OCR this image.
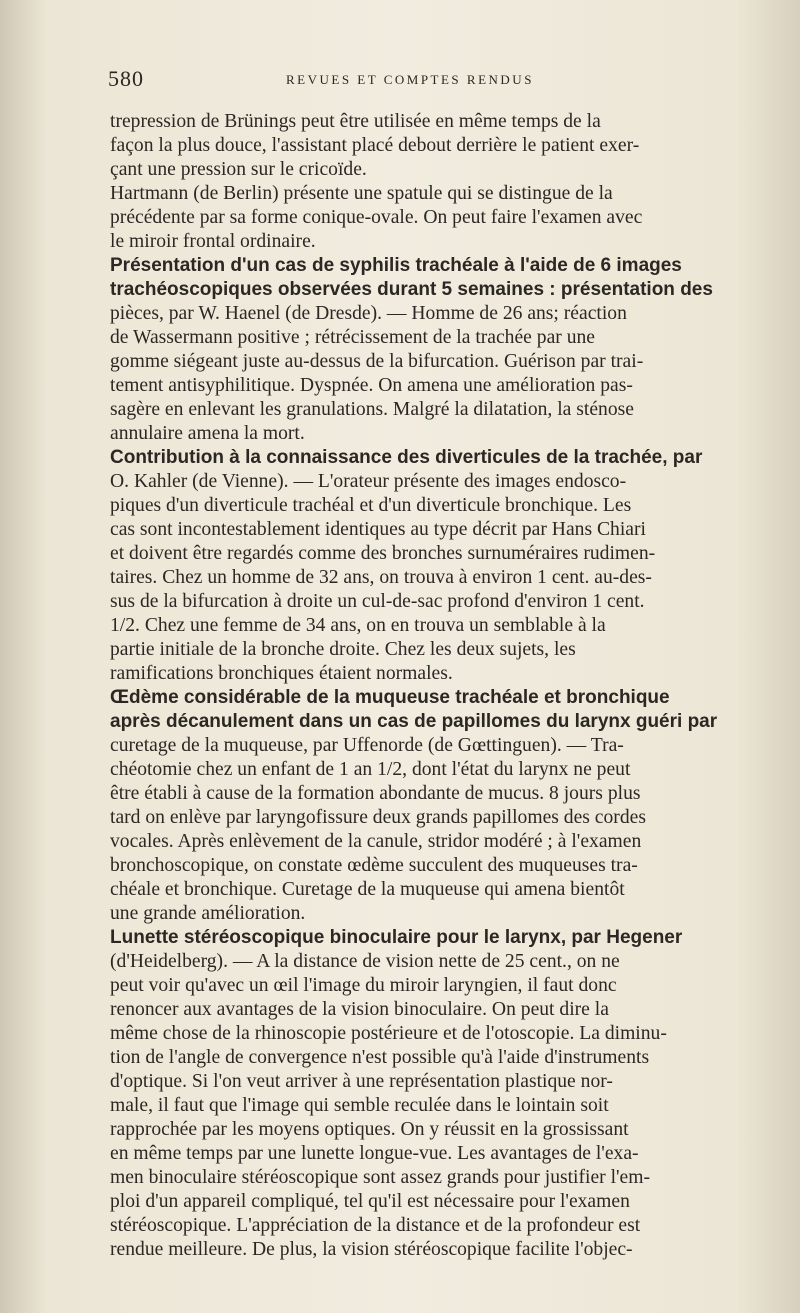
580	REVUES ET COMPTES RENDUS
trepression de Brünings peut être utilisée en même temps de la
façon la plus douce, l'assistant placé debout derrière le patient exer-
çant une pression sur le cricoïde.
Hartmann (de Berlin) présente une spatule qui se distingue de la
précédente par sa forme conique-ovale. On peut faire l'examen avec
le miroir frontal ordinaire.
Présentation d'un cas de syphilis trachéale à l'aide de 6 images
trachéoscopiques observées durant 5 semaines : présentation des
pièces, par W. Haenel (de Dresde). — Homme de 26 ans; réaction
de Wassermann positive ; rétrécissement de la trachée par une
gomme siégeant juste au-dessus de la bifurcation. Guérison par trai-
tement antisyphilitique. Dyspnée. On amena une amélioration pas-
sagère en enlevant les granulations. Malgré la dilatation, la sténose
annulaire amena la mort.
Contribution à la connaissance des diverticules de la trachée, par
O. Kahler (de Vienne). — L'orateur présente des images endosco-
piques d'un diverticule trachéal et d'un diverticule bronchique. Les
cas sont incontestablement identiques au type décrit par Hans Chiari
et doivent être regardés comme des bronches surnuméraires rudimen-
taires. Chez un homme de 32 ans, on trouva à environ 1 cent. au-des-
sus de la bifurcation à droite un cul-de-sac profond d'environ 1 cent.
1/2. Chez une femme de 34 ans, on en trouva un semblable à la
partie initiale de la bronche droite. Chez les deux sujets, les
ramifications bronchiques étaient normales.
Œdème considérable de la muqueuse trachéale et bronchique
après décanulement dans un cas de papillomes du larynx guéri par
curetage de la muqueuse, par Uffenorde (de Gœttinguen). — Tra-
chéotomie chez un enfant de 1 an 1/2, dont l'état du larynx ne peut
être établi à cause de la formation abondante de mucus. 8 jours plus
tard on enlève par laryngofissure deux grands papillomes des cordes
vocales. Après enlèvement de la canule, stridor modéré ; à l'examen
bronchoscopique, on constate œdème succulent des muqueuses tra-
chéale et bronchique. Curetage de la muqueuse qui amena bientôt
une grande amélioration.
Lunette stéréoscopique binoculaire pour le larynx, par Hegener
(d'Heidelberg). — A la distance de vision nette de 25 cent., on ne
peut voir qu'avec un œil l'image du miroir laryngien, il faut donc
renoncer aux avantages de la vision binoculaire. On peut dire la
même chose de la rhinoscopie postérieure et de l'otoscopie. La diminu-
tion de l'angle de convergence n'est possible qu'à l'aide d'instruments
d'optique. Si l'on veut arriver à une représentation plastique nor-
male, il faut que l'image qui semble reculée dans le lointain soit
rapprochée par les moyens optiques. On y réussit en la grossissant
en même temps par une lunette longue-vue. Les avantages de l'exa-
men binoculaire stéréoscopique sont assez grands pour justifier l'em-
ploi d'un appareil compliqué, tel qu'il est nécessaire pour l'examen
stéréoscopique. L'appréciation de la distance et de la profondeur est
rendue meilleure. De plus, la vision stéréoscopique facilite l'objec-
